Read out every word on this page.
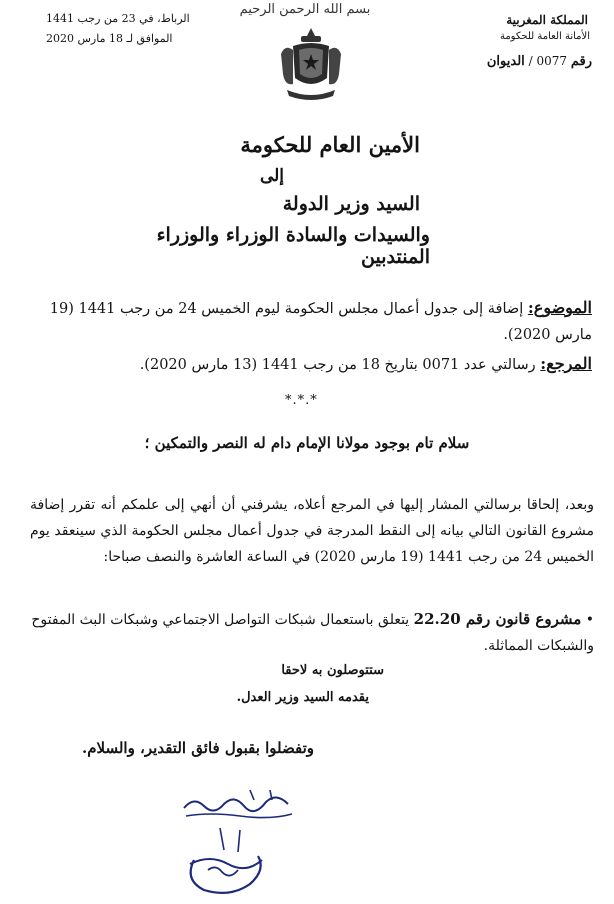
بسم الله الرحمن الرحيم
المملكة المغربية
الأمانة العامة للحكومة
رقم 0077 / الديوان
الرباط، في 23 من رجب 1441
الموافق لـ 18 مارس 2020
الأمين العام للحكومة
إلى
السيد وزير الدولة
والسيدات والسادة الوزراء والوزراء المنتدبين
الموضوع: إضافة إلى جدول أعمال مجلس الحكومة ليوم الخميس 24 من رجب 1441 (19 مارس 2020).
المرجع: رسالتي عدد 0071 بتاريخ 18 من رجب 1441 (13 مارس 2020).
*.*.*
سلام تام بوجود مولانا الإمام دام له النصر والتمكين ؛
وبعد، إلحاقا برسالتي المشار إليها في المرجع أعلاه، يشرفني أن أنهي إلى علمكم أنه تقرر إضافة مشروع القانون التالي بيانه إلى النقط المدرجة في جدول أعمال مجلس الحكومة الذي سينعقد يوم الخميس 24 من رجب 1441 (19 مارس 2020) في الساعة العاشرة والنصف صباحا:
• مشروع قانون رقم 22.20 يتعلق باستعمال شبكات التواصل الاجتماعي وشبكات البث المفتوح والشبكات المماثلة.
ستتوصلون به لاحقا
يقدمه السيد وزير العدل.
وتفضلوا بقبول فائق التقدير، والسلام.
